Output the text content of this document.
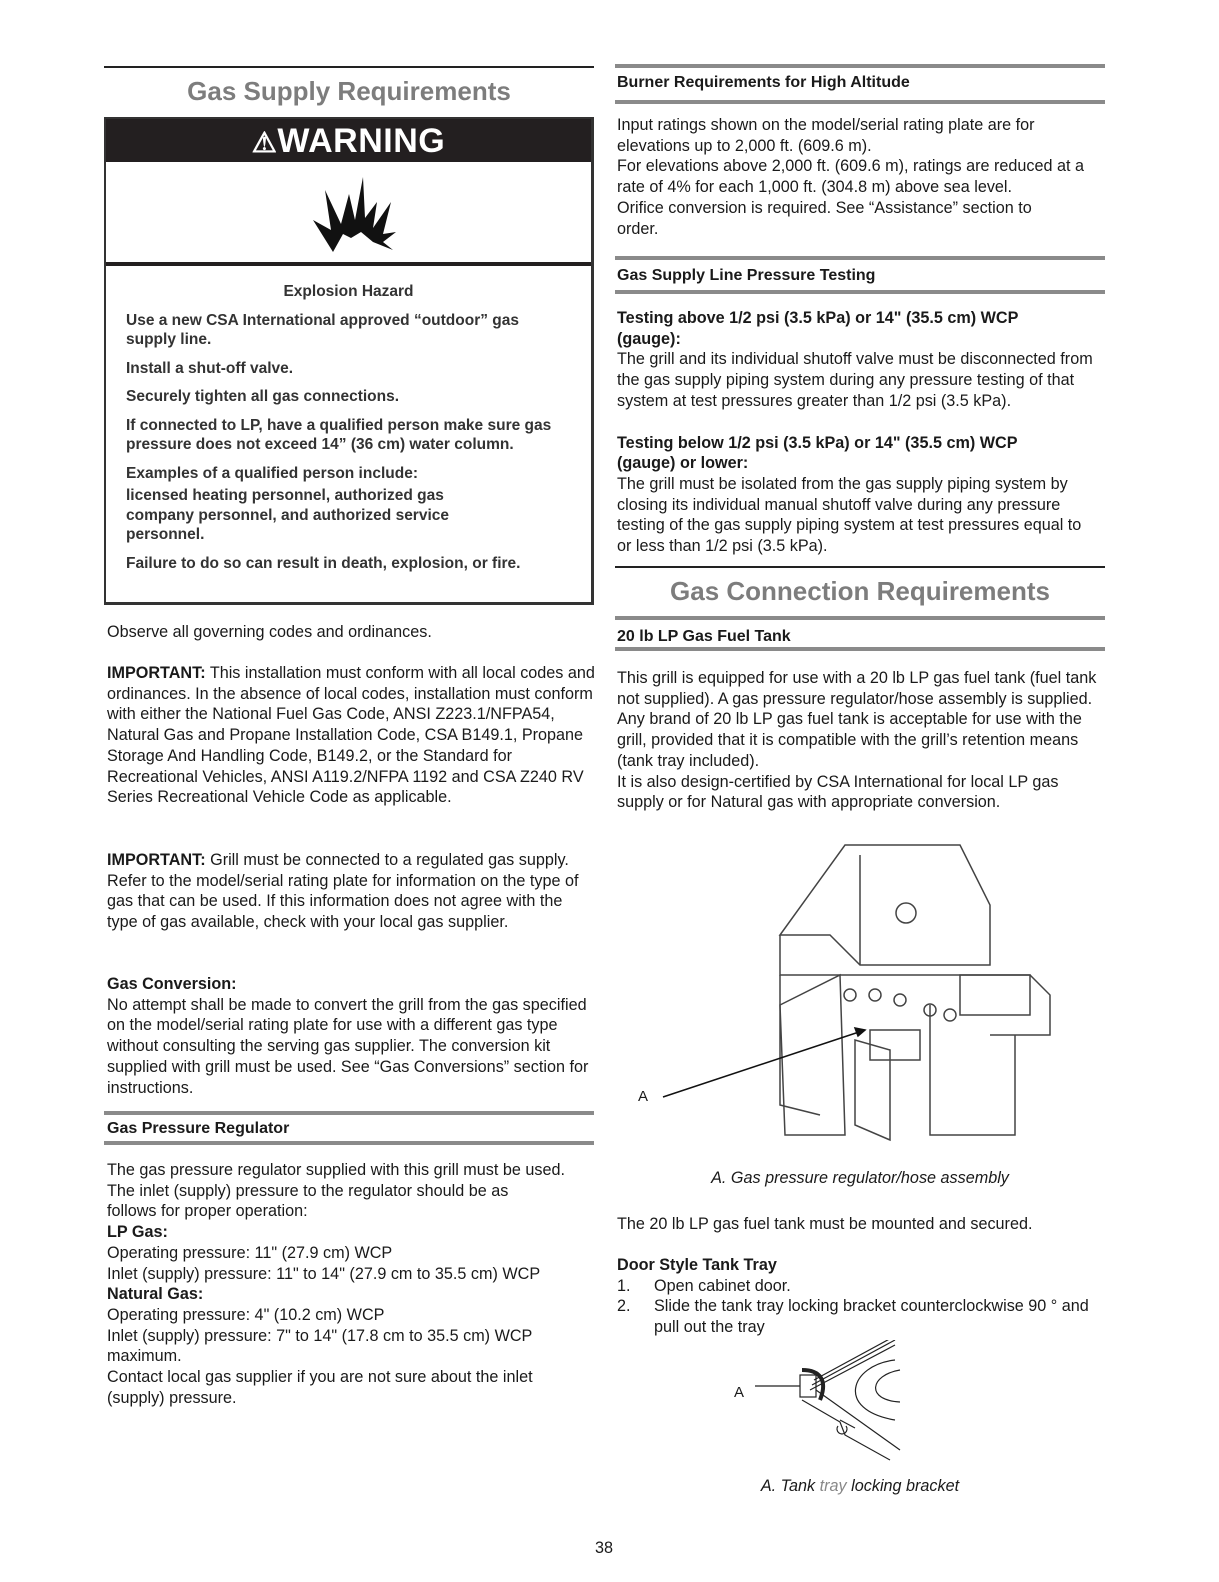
Gas Supply Requirements
⚠WARNING

Explosion Hazard

Use a new CSA International approved “outdoor” gas supply line.

Install a shut-off valve.

Securely tighten all gas connections.

If connected to LP, have a qualified person make sure gas pressure does not exceed 14” (36 cm) water column.

Examples of a qualified person include:

licensed heating personnel, authorized gas company personnel, and authorized service personnel.

Failure to do so can result in death, explosion, or fire.

Observe all governing codes and ordinances.

IMPORTANT: This installation must conform with all local codes and ordinances. In the absence of local codes, installation must conform with either the National Fuel Gas Code, ANSI Z223.1/NFPA54, Natural Gas and Propane Installation Code, CSA B149.1, Propane Storage And Handling Code, B149.2, or the Standard for Recreational Vehicles, ANSI A119.2/NFPA 1192 and CSA Z240 RV Series Recreational Vehicle Code as applicable.

IMPORTANT: Grill must be connected to a regulated gas supply. Refer to the model/serial rating plate for information on the type of gas that can be used. If this information does not agree with the type of gas available, check with your local gas supplier.

Gas Conversion:

No attempt shall be made to convert the grill from the gas specified on the model/serial rating plate for use with a different gas type without consulting the serving gas supplier. The conversion kit supplied with grill must be used. See “Gas Conversions” section for instructions.

Gas Pressure Regulator

The gas pressure regulator supplied with this grill must be used.

The inlet (supply) pressure to the regulator should be as follows for proper operation:

LP Gas:

Operating pressure: 11" (27.9 cm) WCP

Inlet (supply) pressure: 11" to 14" (27.9 cm to 35.5 cm) WCP

Natural Gas:

Operating pressure: 4" (10.2 cm) WCP

Inlet (supply) pressure: 7" to 14" (17.8 cm to 35.5 cm) WCP maximum.

Contact local gas supplier if you are not sure about the inlet (supply) pressure.

Burner Requirements for High Altitude

Input ratings shown on the model/serial rating plate are for elevations up to 2,000 ft. (609.6 m).

For elevations above 2,000 ft. (609.6 m), ratings are reduced at a rate of 4% for each 1,000 ft. (304.8 m) above sea level.

Orifice conversion is required. See “Assistance” section to order.

Gas Supply Line Pressure Testing

Testing above 1/2 psi (3.5 kPa) or 14" (35.5 cm) WCP (gauge):

The grill and its individual shutoff valve must be disconnected from the gas supply piping system during any pressure testing of that system at test pressures greater than 1/2 psi (3.5 kPa).

Testing below 1/2 psi (3.5 kPa) or 14" (35.5 cm) WCP (gauge) or lower:

The grill must be isolated from the gas supply piping system by closing its individual manual shutoff valve during any pressure testing of the gas supply piping system at test pressures equal to or less than 1/2 psi (3.5 kPa).

Gas Connection Requirements

20 lb LP Gas Fuel Tank

This grill is equipped for use with a 20 lb LP gas fuel tank (fuel tank not supplied). A gas pressure regulator/hose assembly is supplied.

Any brand of 20 lb LP gas fuel tank is acceptable for use with the grill, provided that it is compatible with the grill’s retention means (tank tray included).

It is also design-certified by CSA International for local LP gas supply or for Natural gas with appropriate conversion.

A

A. Gas pressure regulator/hose assembly

The 20 lb LP gas fuel tank must be mounted and secured.

Door Style Tank Tray

1.	Open cabinet door.
2.	Slide the tank tray locking bracket counterclockwise 90 ° and pull out the tray
A

A. Tank tray locking bracket

38
